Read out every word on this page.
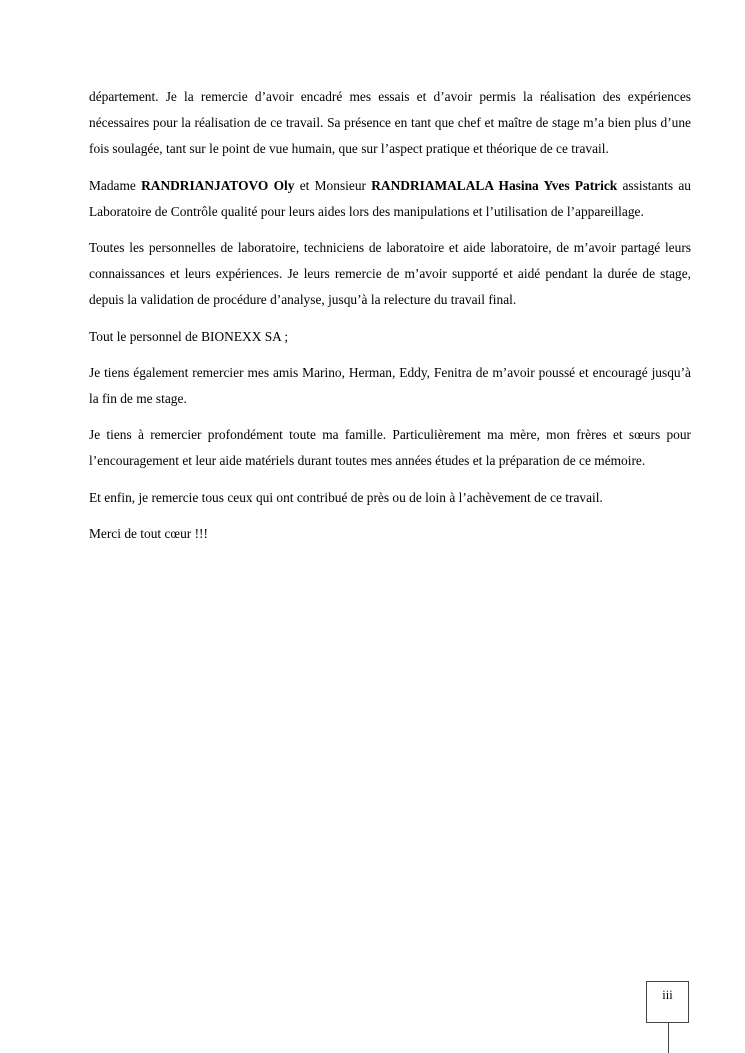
département. Je la remercie d’avoir encadré mes essais et d’avoir permis la réalisation des expériences nécessaires pour la réalisation de ce travail. Sa présence en tant que chef et maître de stage m’a bien plus d’une fois soulagée, tant sur le point de vue humain, que sur l’aspect pratique et théorique de ce travail.

Madame RANDRIANJATOVO Oly et Monsieur RANDRIAMALALA Hasina Yves Patrick assistants au Laboratoire de Contrôle qualité pour leurs aides lors des manipulations et l’utilisation de l’appareillage.

Toutes les personnelles de laboratoire, techniciens de laboratoire et aide laboratoire, de m’avoir partagé leurs connaissances et leurs expériences. Je leurs remercie de m’avoir supporté et aidé pendant la durée de stage, depuis la validation de procédure d’analyse, jusqu’à la relecture du travail final.

Tout le personnel de BIONEXX SA ;

Je tiens également remercier mes amis Marino, Herman, Eddy, Fenitra de m’avoir poussé et encouragé jusqu’à la fin de me stage.

Je tiens à remercier profondément toute ma famille. Particulièrement ma mère, mon frères et sœurs pour l’encouragement et leur aide matériels durant toutes mes années études et la préparation de ce mémoire.

Et enfin, je remercie tous ceux qui ont contribué de près ou de loin à l’achèvement de ce travail.

Merci de tout cœur !!!

iii
